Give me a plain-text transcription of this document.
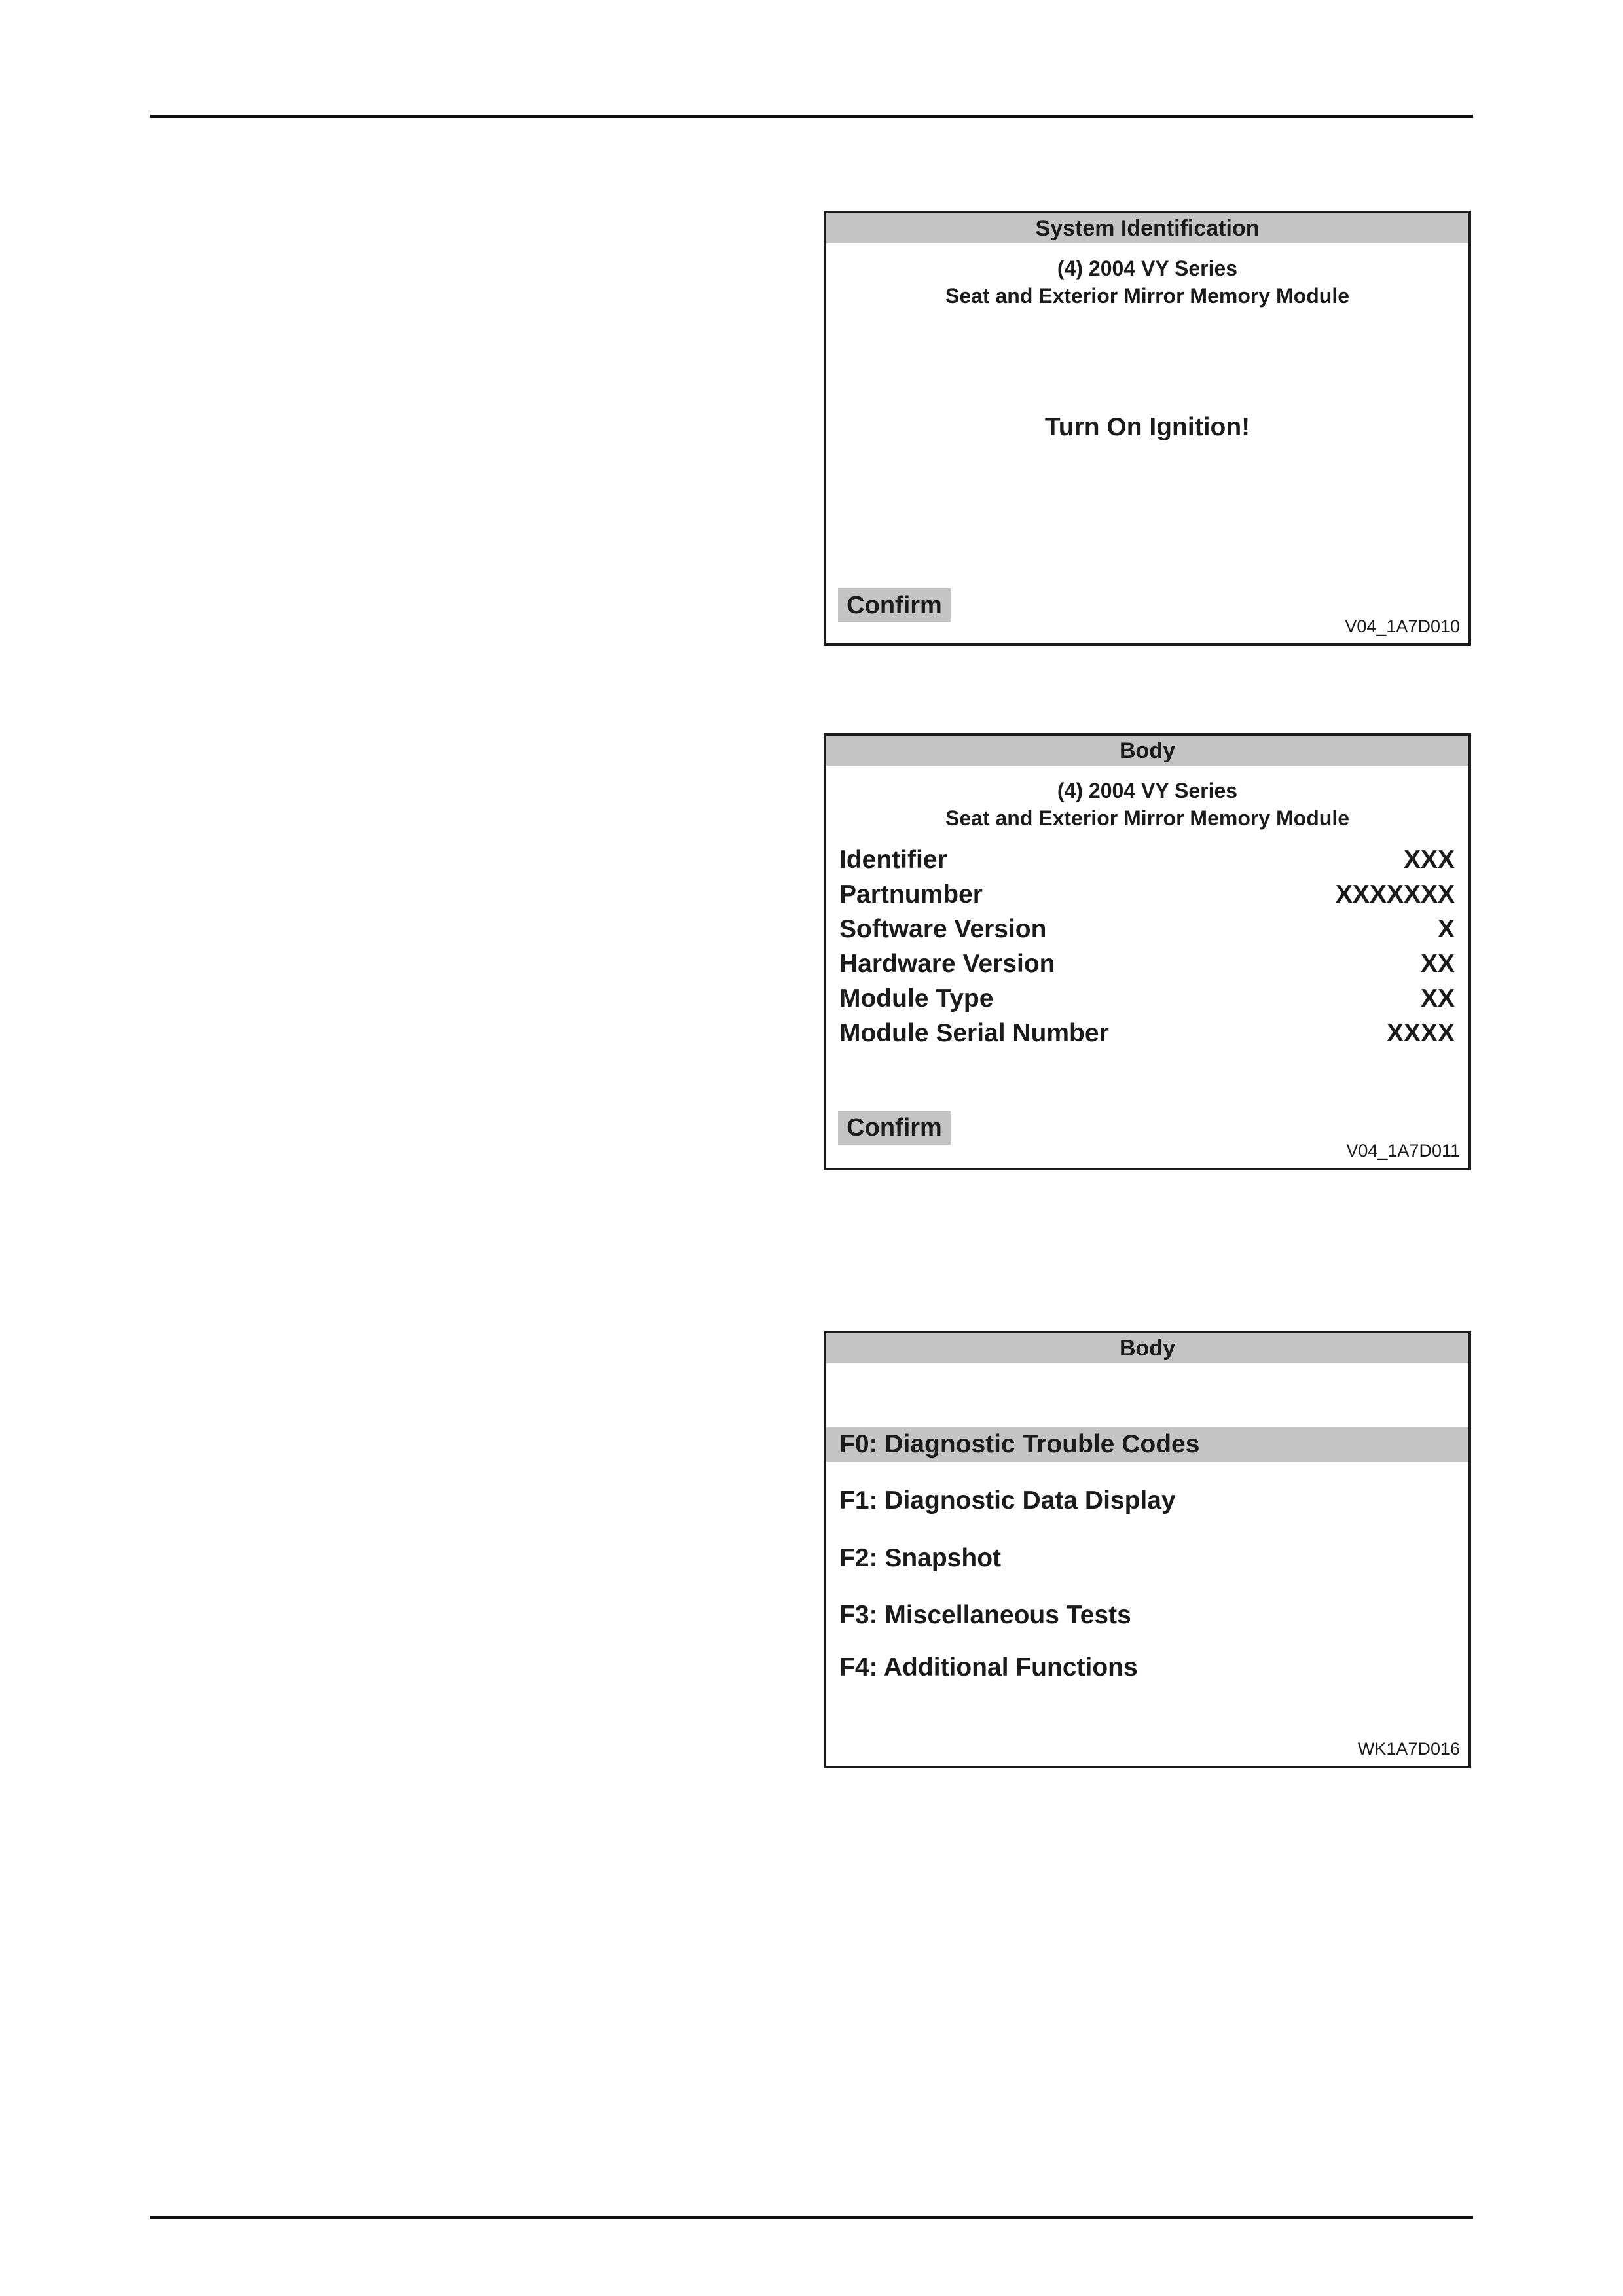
System Identification
(4) 2004 VY Series
Seat and Exterior Mirror Memory Module
Turn On Ignition!
Confirm
V04_1A7D010
Body
(4) 2004 VY Series
Seat and Exterior Mirror Memory Module
Identifier	XXX
Partnumber	XXXXXXX
Software Version	X
Hardware Version	XX
Module Type	XX
Module Serial Number	XXXX
Confirm
V04_1A7D011
Body
F0: Diagnostic Trouble Codes
F1: Diagnostic Data Display
F2: Snapshot
F3: Miscellaneous Tests
F4: Additional Functions
WK1A7D016
